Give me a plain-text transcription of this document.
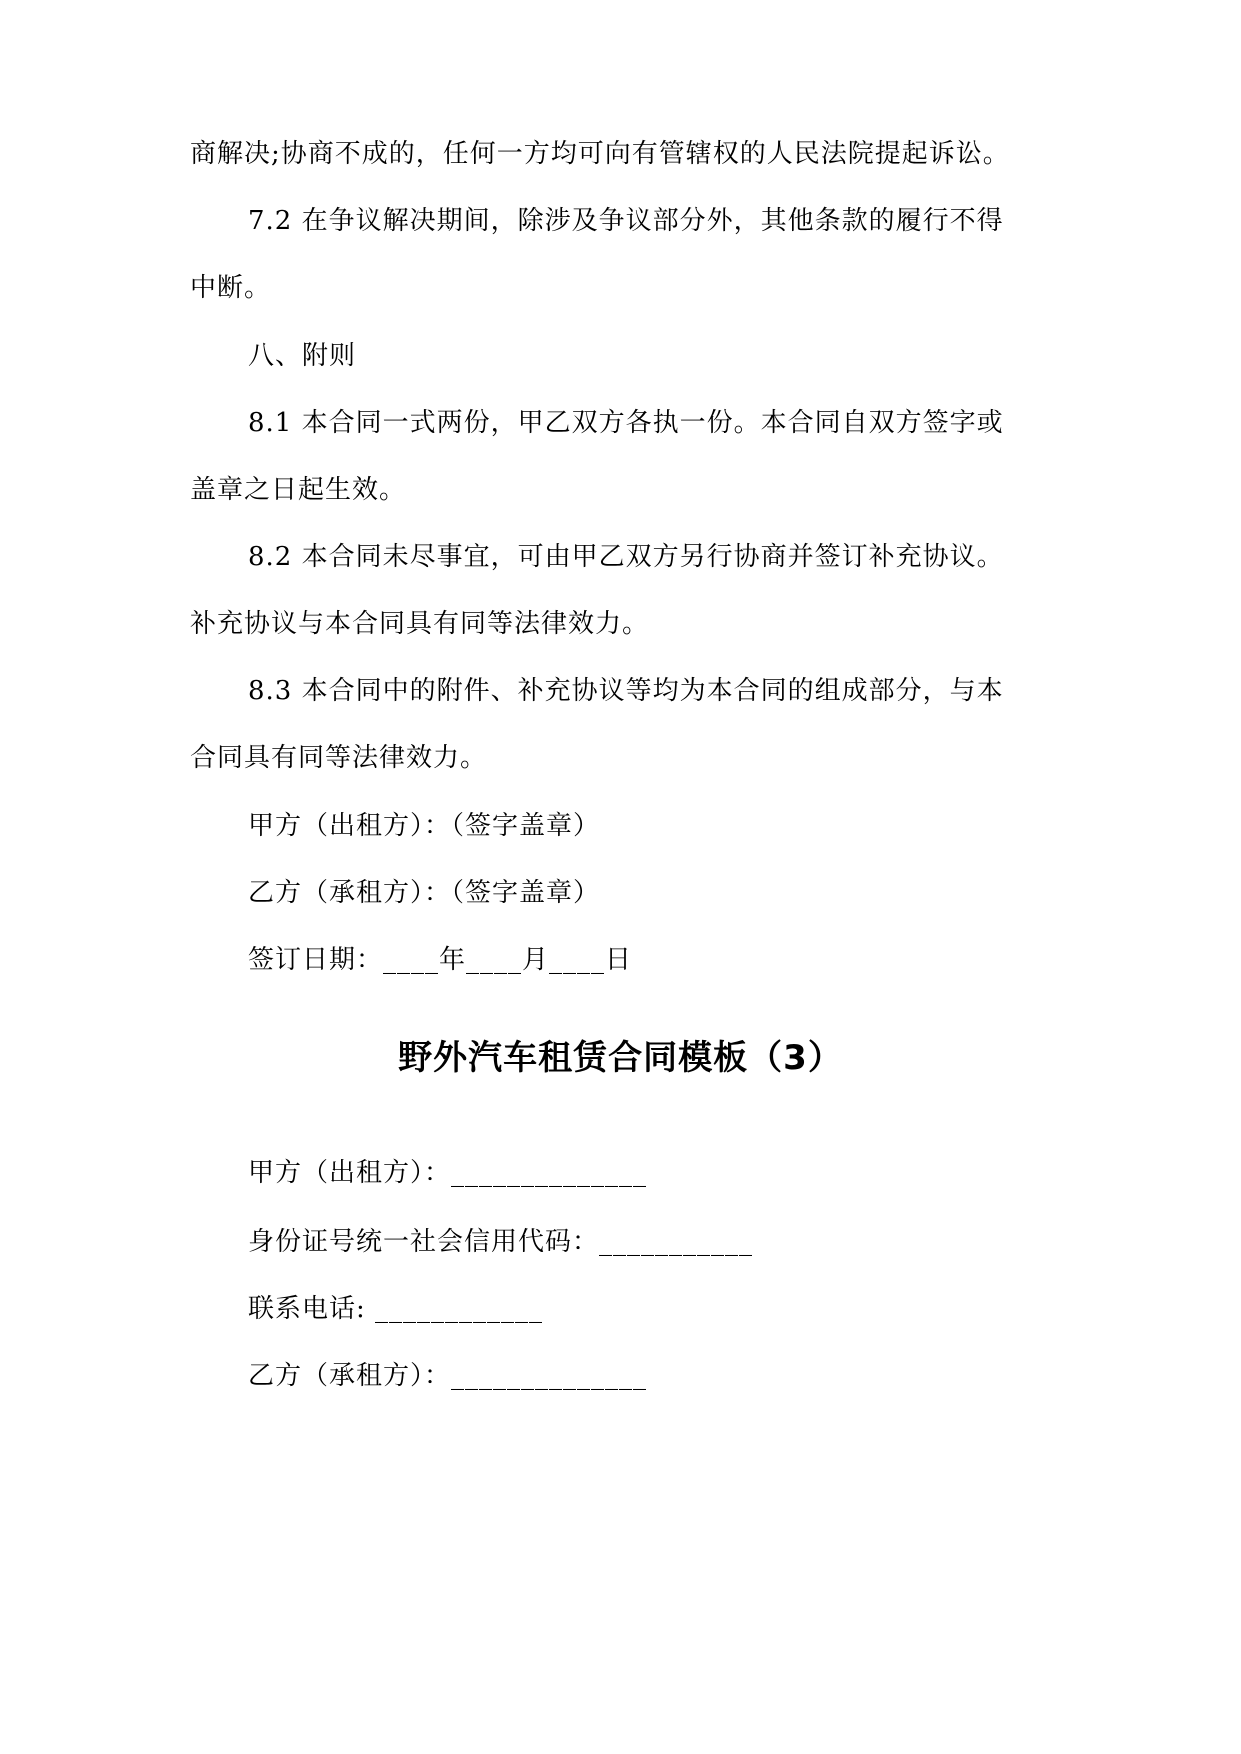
商解决;协商不成的，任何一方均可向有管辖权的人民法院提起诉讼。
7.2 在争议解决期间，除涉及争议部分外，其他条款的履行不得
中断。
八、附则
8.1 本合同一式两份，甲乙双方各执一份。本合同自双方签字或
盖章之日起生效。
8.2 本合同未尽事宜，可由甲乙双方另行协商并签订补充协议。
补充协议与本合同具有同等法律效力。
8.3 本合同中的附件、补充协议等均为本合同的组成部分，与本
合同具有同等法律效力。
甲方（出租方）：（签字盖章）
乙方（承租方）：（签字盖章）
签订日期：____年____月____日
野外汽车租赁合同模板（3）
甲方（出租方）：______________
身份证号统一社会信用代码：___________
联系电话: ____________
乙方（承租方）：______________
